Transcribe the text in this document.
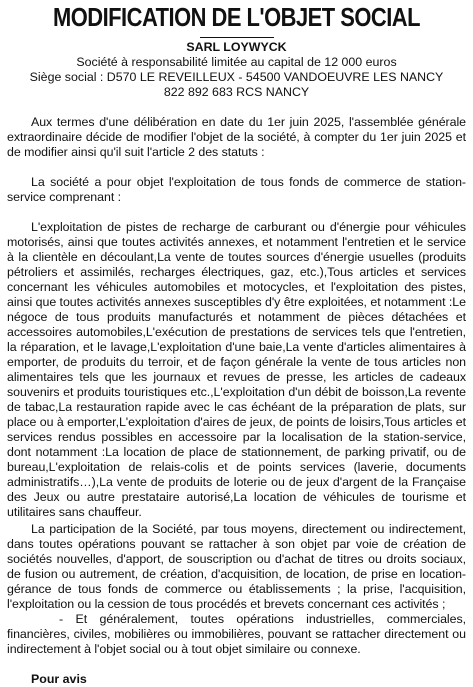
MODIFICATION DE L'OBJET SOCIAL
SARL LOYWYCK
Société à responsabilité limitée au capital de 12 000 euros
Siège social : D570 LE REVEILLEUX - 54500 VANDOEUVRE LES NANCY
822 892 683 RCS NANCY

Aux termes d'une délibération en date du 1er juin 2025, l'assemblée générale extraordinaire décide de modifier l'objet de la société, à compter du 1er juin 2025 et de modifier ainsi qu'il suit l'article 2 des statuts :

La société a pour objet l'exploitation de tous fonds de commerce de station-service comprenant :

L'exploitation de pistes de recharge de carburant ou d'énergie pour véhicules motorisés, ainsi que toutes activités annexes, et notamment l'entretien et le service à la clientèle en découlant,La vente de toutes sources d'énergie usuelles (produits pétroliers et assimilés, recharges électriques, gaz, etc.),Tous articles et services concernant les véhicules automobiles et motocycles, et l'exploitation des pistes, ainsi que toutes activités annexes susceptibles d'y être exploitées, et notamment :Le négoce de tous produits manufacturés et notamment de pièces détachées et accessoires automobiles,L'exécution de prestations de services tels que l'entretien, la réparation, et le lavage,L'exploitation d'une baie,La vente d'articles alimentaires à emporter, de produits du terroir, et de façon générale la vente de tous articles non alimentaires tels que les journaux et revues de presse, les articles de cadeaux souvenirs et produits touristiques etc.,L'exploitation d'un débit de boisson,La revente de tabac,La restauration rapide avec le cas échéant de la préparation de plats, sur place ou à emporter,L'exploitation d'aires de jeux, de points de loisirs,Tous articles et services rendus possibles en accessoire par la localisation de la station-service, dont notamment :La location de place de stationnement, de parking privatif, ou de bureau,L'exploitation de relais-colis et de points services (laverie, documents administratifs…),La vente de produits de loterie ou de jeux d'argent de la Française des Jeux ou autre prestataire autorisé,La location de véhicules de tourisme et utilitaires sans chauffeur.

La participation de la Société, par tous moyens, directement ou indirectement, dans toutes opérations pouvant se rattacher à son objet par voie de création de sociétés nouvelles, d'apport, de souscription ou d'achat de titres ou droits sociaux, de fusion ou autrement, de création, d'acquisition, de location, de prise en location-gérance de tous fonds de commerce ou établissements ; la prise, l'acquisition, l'exploitation ou la cession de tous procédés et brevets concernant ces activités ;

- Et généralement, toutes opérations industrielles, commerciales, financières, civiles, mobilières ou immobilières, pouvant se rattacher directement ou indirectement à l'objet social ou à tout objet similaire ou connexe.

Pour avis
